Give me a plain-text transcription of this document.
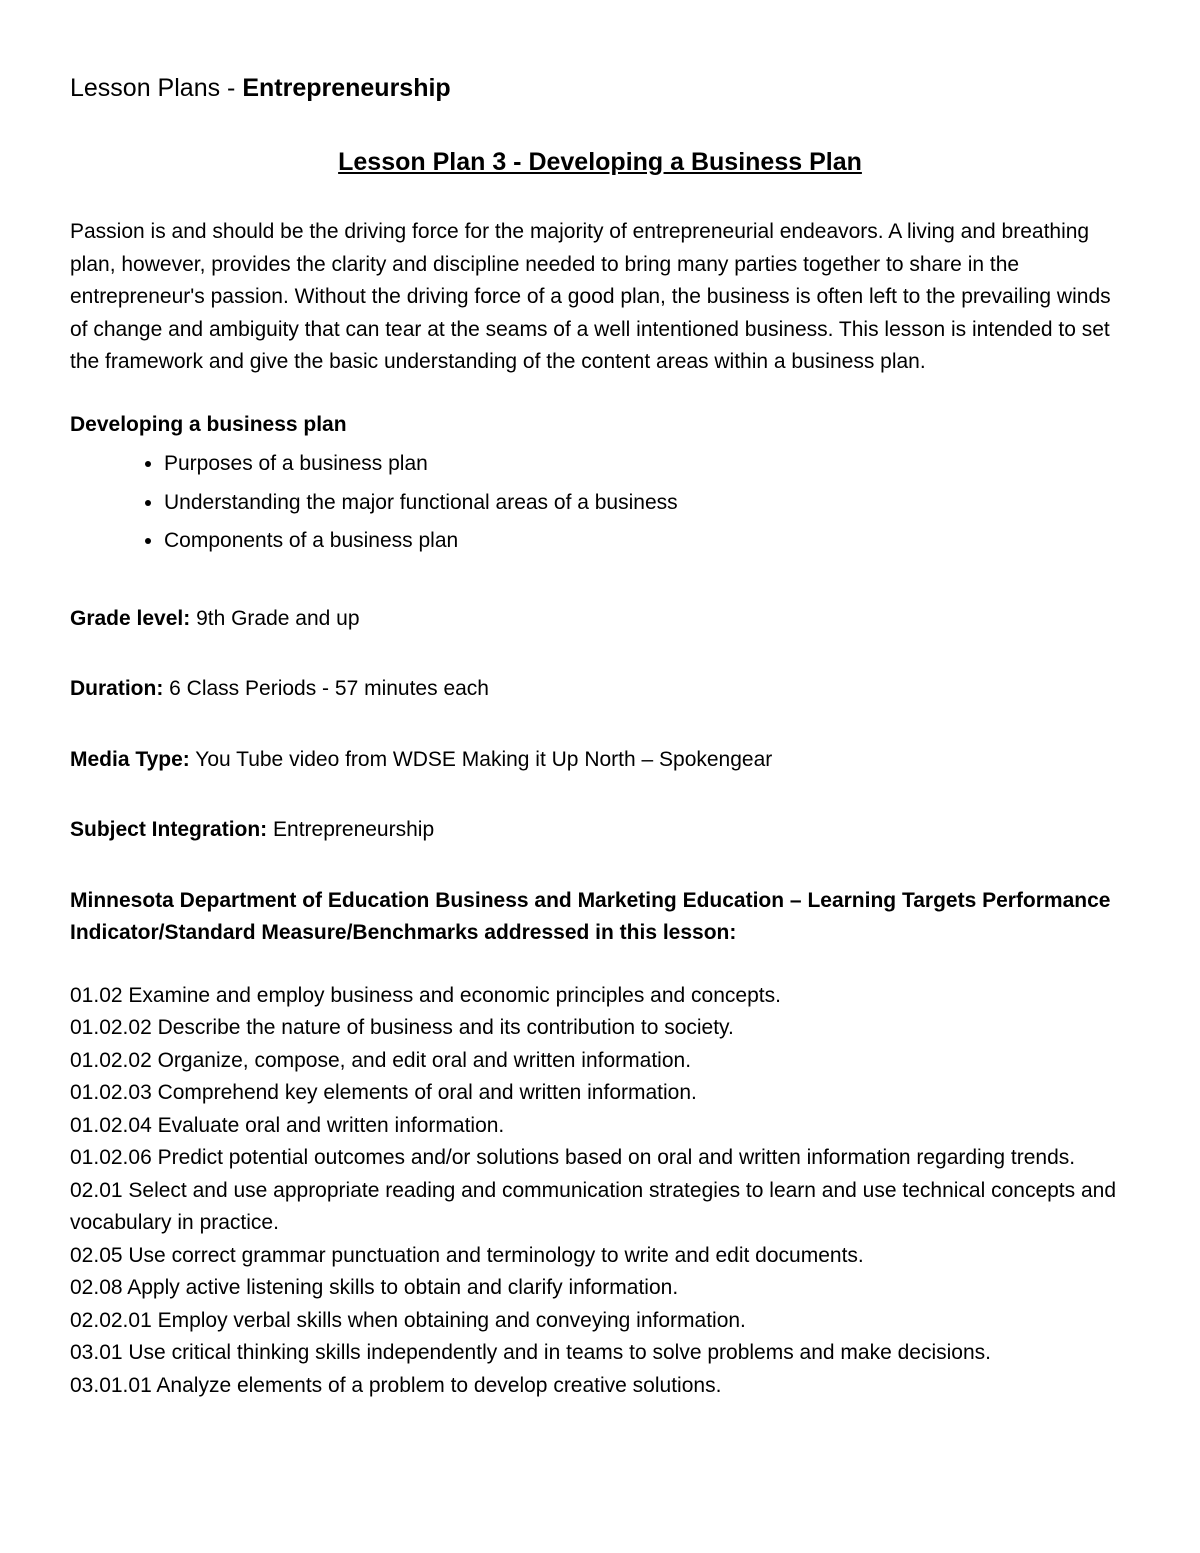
Lesson Plans - Entrepreneurship
Lesson Plan 3 - Developing a Business Plan

Passion is and should be the driving force for the majority of entrepreneurial endeavors. A living and breathing plan, however, provides the clarity and discipline needed to bring many parties together to share in the entrepreneur's passion. Without the driving force of a good plan, the business is often left to the prevailing winds of change and ambiguity that can tear at the seams of a well intentioned business. This lesson is intended to set the framework and give the basic understanding of the content areas within a business plan.

Developing a business plan
• Purposes of a business plan
• Understanding the major functional areas of a business
• Components of a business plan
Grade level: 9th Grade and up
Duration: 6 Class Periods - 57 minutes each
Media Type: You Tube video from WDSE Making it Up North – Spokengear
Subject Integration: Entrepreneurship
Minnesota Department of Education Business and Marketing Education – Learning Targets Performance Indicator/Standard Measure/Benchmarks addressed in this lesson:
01.02 Examine and employ business and economic principles and concepts.
01.02.02 Describe the nature of business and its contribution to society.
01.02.02 Organize, compose, and edit oral and written information.
01.02.03 Comprehend key elements of oral and written information.
01.02.04 Evaluate oral and written information.
01.02.06 Predict potential outcomes and/or solutions based on oral and written information regarding trends.
02.01 Select and use appropriate reading and communication strategies to learn and use technical concepts and vocabulary in practice.
02.05 Use correct grammar punctuation and terminology to write and edit documents.
02.08 Apply active listening skills to obtain and clarify information.
02.02.01 Employ verbal skills when obtaining and conveying information.
03.01 Use critical thinking skills independently and in teams to solve problems and make decisions.
03.01.01 Analyze elements of a problem to develop creative solutions.
